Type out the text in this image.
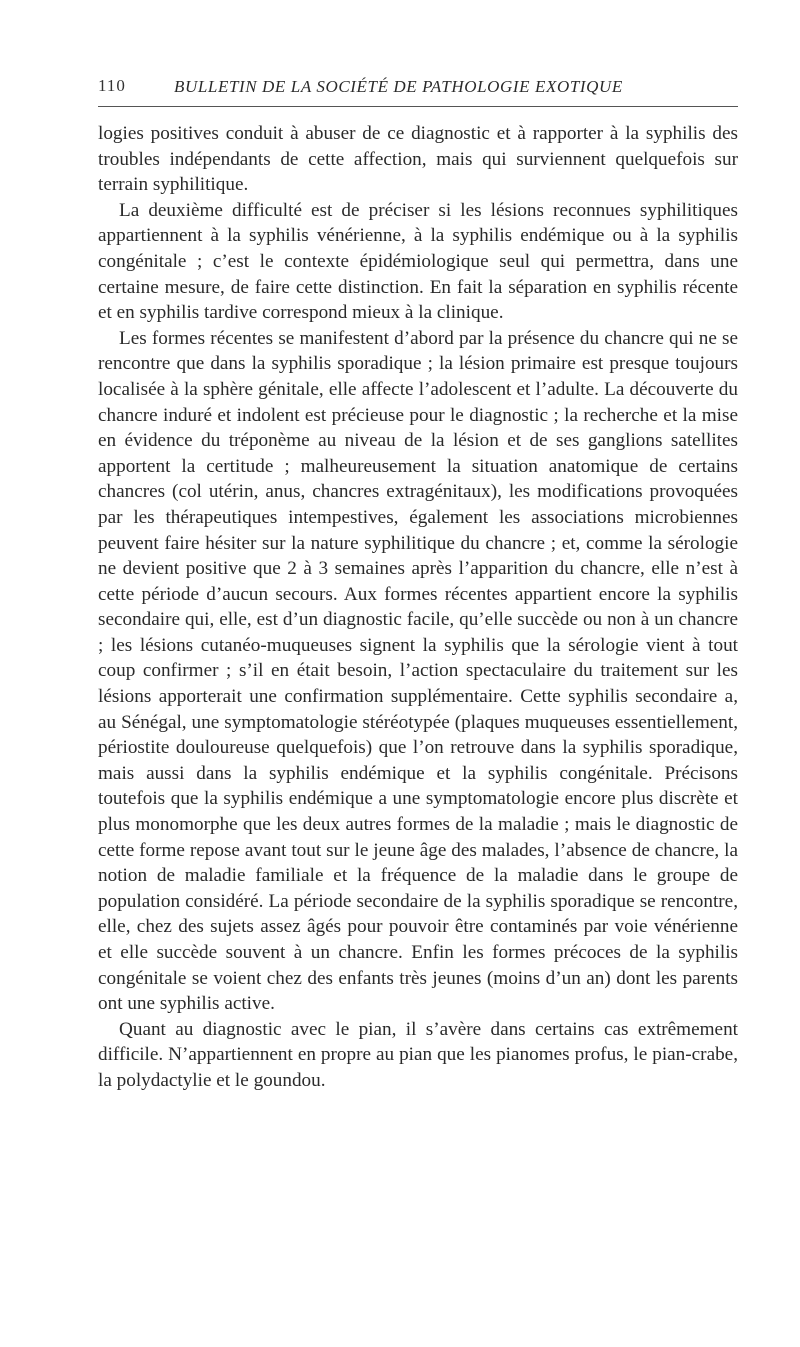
110	BULLETIN DE LA SOCIÉTÉ DE PATHOLOGIE EXOTIQUE

logies positives conduit à abuser de ce diagnostic et à rapporter à la syphilis des troubles indépendants de cette affection, mais qui surviennent quelquefois sur terrain syphilitique.

La deuxième difficulté est de préciser si les lésions reconnues syphilitiques appartiennent à la syphilis vénérienne, à la syphilis endémique ou à la syphilis congénitale ; c’est le contexte épidémiologique seul qui permettra, dans une certaine mesure, de faire cette distinction. En fait la séparation en syphilis récente et en syphilis tardive correspond mieux à la clinique.

Les formes récentes se manifestent d’abord par la présence du chancre qui ne se rencontre que dans la syphilis sporadique ; la lésion primaire est presque toujours localisée à la sphère génitale, elle affecte l’adolescent et l’adulte. La découverte du chancre induré et indolent est précieuse pour le diagnostic ; la recherche et la mise en évidence du tréponème au niveau de la lésion et de ses ganglions satellites apportent la certitude ; malheureusement la situation anatomique de certains chancres (col utérin, anus, chancres extragénitaux), les modifications provoquées par les thérapeutiques intempestives, également les associations microbiennes peuvent faire hésiter sur la nature syphilitique du chancre ; et, comme la sérologie ne devient positive que 2 à 3 semaines après l’apparition du chancre, elle n’est à cette période d’aucun secours. Aux formes récentes appartient encore la syphilis secondaire qui, elle, est d’un diagnostic facile, qu’elle succède ou non à un chancre ; les lésions cutanéo-muqueuses signent la syphilis que la sérologie vient à tout coup confirmer ; s’il en était besoin, l’action spectaculaire du traitement sur les lésions apporterait une confirmation supplémentaire. Cette syphilis secondaire a, au Sénégal, une symptomatologie stéréotypée (plaques muqueuses essentiellement, périostite douloureuse quelquefois) que l’on retrouve dans la syphilis sporadique, mais aussi dans la syphilis endémique et la syphilis congénitale. Précisons toutefois que la syphilis endémique a une symptomatologie encore plus discrète et plus monomorphe que les deux autres formes de la maladie ; mais le diagnostic de cette forme repose avant tout sur le jeune âge des malades, l’absence de chancre, la notion de maladie familiale et la fréquence de la maladie dans le groupe de population considéré. La période secondaire de la syphilis sporadique se rencontre, elle, chez des sujets assez âgés pour pouvoir être contaminés par voie vénérienne et elle succède souvent à un chancre. Enfin les formes précoces de la syphilis congénitale se voient chez des enfants très jeunes (moins d’un an) dont les parents ont une syphilis active.

Quant au diagnostic avec le pian, il s’avère dans certains cas extrêmement difficile. N’appartiennent en propre au pian que les pianomes profus, le pian-crabe, la polydactylie et le goundou.
